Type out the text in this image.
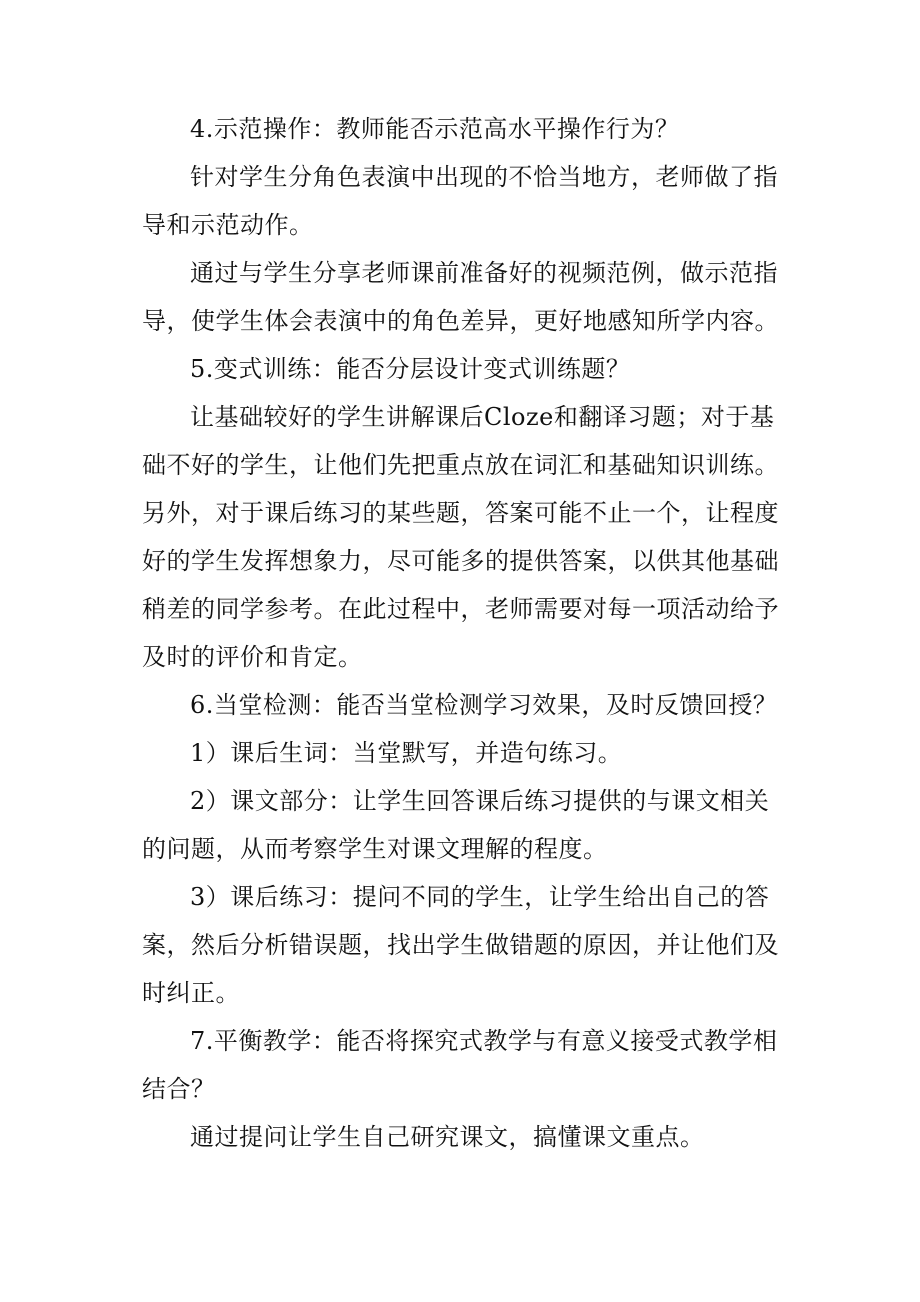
4.示范操作：教师能否示范高水平操作行为？

针对学生分角色表演中出现的不恰当地方，老师做了指导和示范动作。

通过与学生分享老师课前准备好的视频范例，做示范指导，使学生体会表演中的角色差异，更好地感知所学内容。

5.变式训练：能否分层设计变式训练题？

让基础较好的学生讲解课后Cloze和翻译习题；对于基础不好的学生，让他们先把重点放在词汇和基础知识训练。另外，对于课后练习的某些题，答案可能不止一个，让程度好的学生发挥想象力，尽可能多的提供答案，以供其他基础稍差的同学参考。在此过程中，老师需要对每一项活动给予及时的评价和肯定。

6.当堂检测：能否当堂检测学习效果，及时反馈回授？

1）课后生词：当堂默写，并造句练习。

2）课文部分：让学生回答课后练习提供的与课文相关的问题，从而考察学生对课文理解的程度。

3）课后练习：提问不同的学生，让学生给出自己的答案，然后分析错误题，找出学生做错题的原因，并让他们及时纠正。

7.平衡教学：能否将探究式教学与有意义接受式教学相结合？

通过提问让学生自己研究课文，搞懂课文重点。
